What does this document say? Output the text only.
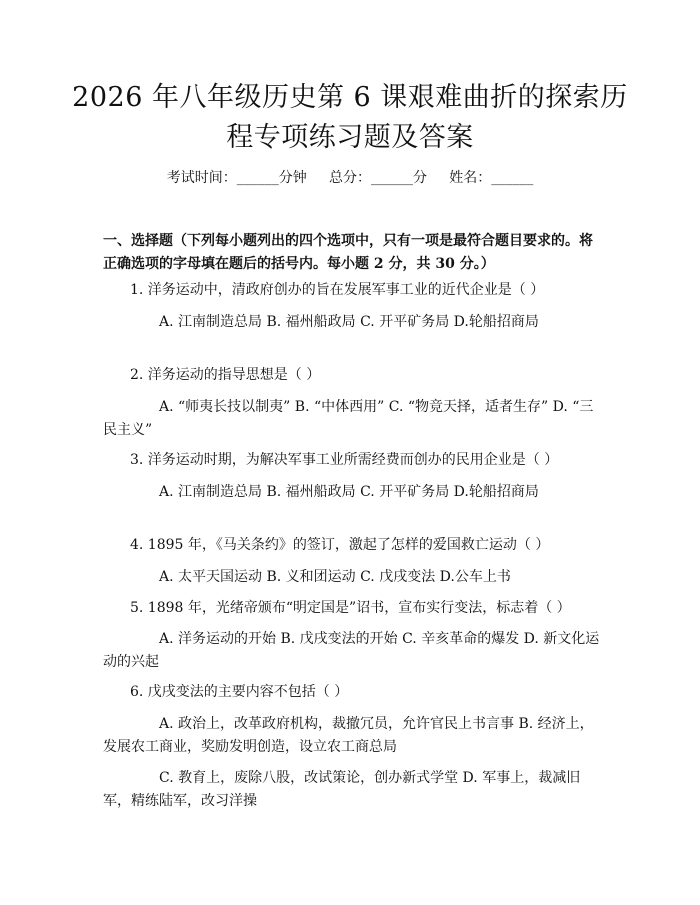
2026 年八年级历史第 6 课艰难曲折的探索历
程专项练习题及答案
考试时间：______分钟     总分：______分     姓名：______
一、选择题（下列每小题列出的四个选项中，只有一项是最符合题目要求的。将正确选项的字母填在题后的括号内。每小题 2 分，共 30 分。）
1. 洋务运动中，清政府创办的旨在发展军事工业的近代企业是（ ）
A. 江南制造总局 B. 福州船政局 C. 开平矿务局 D.轮船招商局
2. 洋务运动的指导思想是（ ）
A. “师夷长技以制夷” B. “中体西用” C. “物竞天择，适者生存” D. “三民主义”
3. 洋务运动时期，为解决军事工业所需经费而创办的民用企业是（ ）
A. 江南制造总局 B. 福州船政局 C. 开平矿务局 D.轮船招商局
4. 1895 年，《马关条约》的签订，激起了怎样的爱国救亡运动（ ）
A. 太平天国运动 B. 义和团运动 C. 戊戌变法 D.公车上书
5. 1898 年，光绪帝颁布“明定国是”诏书，宣布实行变法，标志着（ ）
A. 洋务运动的开始 B. 戊戌变法的开始 C. 辛亥革命的爆发 D. 新文化运动的兴起
6. 戊戌变法的主要内容不包括（ ）
A. 政治上，改革政府机构，裁撤冗员，允许官民上书言事 B. 经济上，发展农工商业，奖励发明创造，设立农工商总局
C. 教育上，废除八股，改试策论，创办新式学堂 D. 军事上，裁减旧军，精练陆军，改习洋操
